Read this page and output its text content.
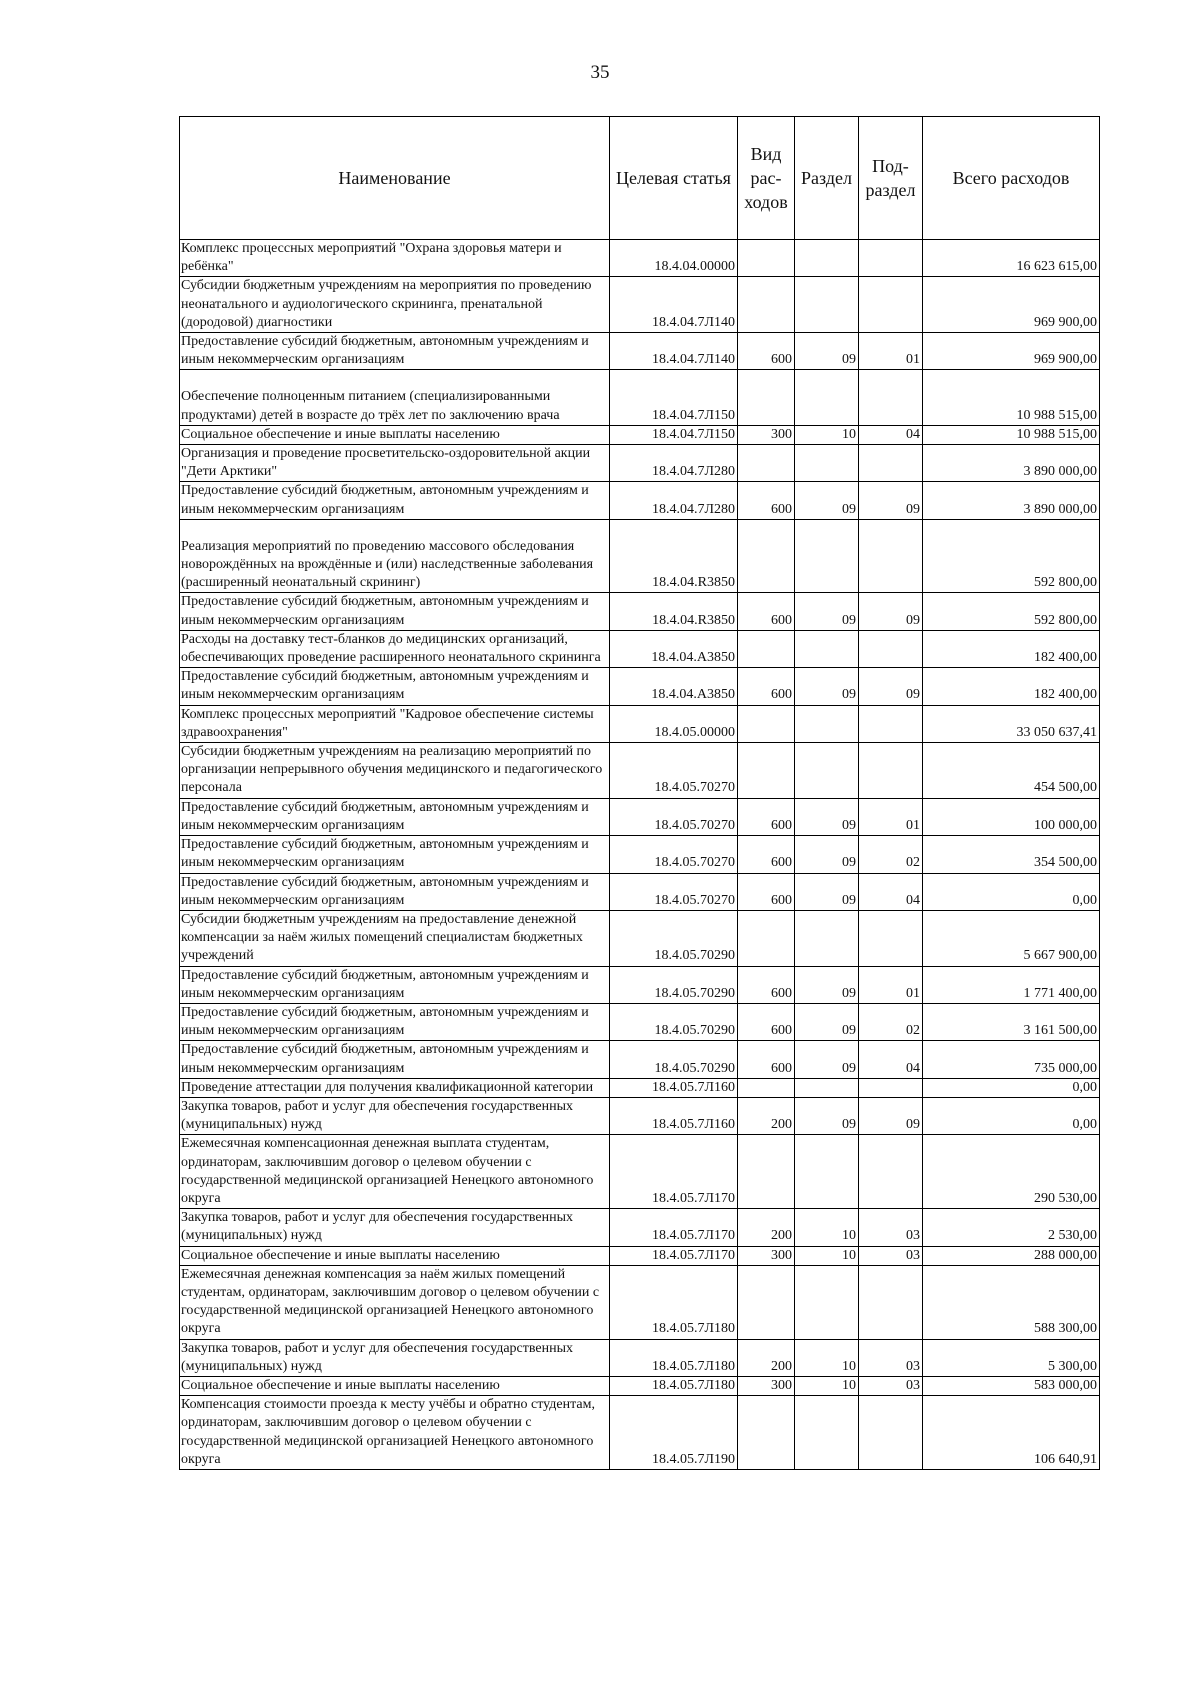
35
Наименование	Целевая статья	Вид рас- ходов	Раздел	Под- раздел	Всего расходов
Комплекс процессных мероприятий "Охрана здоровья матери и ребёнка"	18.4.04.00000				16 623 615,00
Субсидии бюджетным учреждениям на мероприятия по проведению неонатального и аудиологического скрининга, пренатальной (дородовой) диагностики	18.4.04.7Л140				969 900,00
Предоставление субсидий бюджетным, автономным учреждениям и иным некоммерческим организациям	18.4.04.7Л140	600	09	01	969 900,00
Обеспечение полноценным питанием (специализированными продуктами) детей в возрасте до трёх лет по заключению врача	18.4.04.7Л150				10 988 515,00
Социальное обеспечение и иные выплаты населению	18.4.04.7Л150	300	10	04	10 988 515,00
Организация и проведение просветительско-оздоровительной акции "Дети Арктики"	18.4.04.7Л280				3 890 000,00
Предоставление субсидий бюджетным, автономным учреждениям и иным некоммерческим организациям	18.4.04.7Л280	600	09	09	3 890 000,00
Реализация мероприятий по проведению массового обследования новорождённых на врождённые и (или) наследственные заболевания (расширенный неонатальный скрининг)	18.4.04.R3850				592 800,00
Предоставление субсидий бюджетным, автономным учреждениям и иным некоммерческим организациям	18.4.04.R3850	600	09	09	592 800,00
Расходы на доставку тест-бланков до медицинских организаций, обеспечивающих проведение расширенного неонатального скрининга	18.4.04.А3850				182 400,00
Предоставление субсидий бюджетным, автономным учреждениям и иным некоммерческим организациям	18.4.04.А3850	600	09	09	182 400,00
Комплекс процессных мероприятий "Кадровое обеспечение системы здравоохранения"	18.4.05.00000				33 050 637,41
Субсидии бюджетным учреждениям на реализацию мероприятий по организации непрерывного обучения медицинского и педагогического персонала	18.4.05.70270				454 500,00
Предоставление субсидий бюджетным, автономным учреждениям и иным некоммерческим организациям	18.4.05.70270	600	09	01	100 000,00
Предоставление субсидий бюджетным, автономным учреждениям и иным некоммерческим организациям	18.4.05.70270	600	09	02	354 500,00
Предоставление субсидий бюджетным, автономным учреждениям и иным некоммерческим организациям	18.4.05.70270	600	09	04	0,00
Субсидии бюджетным учреждениям на предоставление денежной компенсации за наём жилых помещений специалистам бюджетных учреждений	18.4.05.70290				5 667 900,00
Предоставление субсидий бюджетным, автономным учреждениям и иным некоммерческим организациям	18.4.05.70290	600	09	01	1 771 400,00
Предоставление субсидий бюджетным, автономным учреждениям и иным некоммерческим организациям	18.4.05.70290	600	09	02	3 161 500,00
Предоставление субсидий бюджетным, автономным учреждениям и иным некоммерческим организациям	18.4.05.70290	600	09	04	735 000,00
Проведение аттестации для получения квалификационной категории	18.4.05.7Л160				0,00
Закупка товаров, работ и услуг для обеспечения государственных (муниципальных) нужд	18.4.05.7Л160	200	09	09	0,00
Ежемесячная компенсационная денежная выплата студентам, ординаторам, заключившим договор о целевом обучении с государственной медицинской организацией Ненецкого автономного округа	18.4.05.7Л170				290 530,00
Закупка товаров, работ и услуг для обеспечения государственных (муниципальных) нужд	18.4.05.7Л170	200	10	03	2 530,00
Социальное обеспечение и иные выплаты населению	18.4.05.7Л170	300	10	03	288 000,00
Ежемесячная денежная компенсация за наём жилых помещений студентам, ординаторам, заключившим договор о целевом обучении с государственной медицинской организацией Ненецкого автономного округа	18.4.05.7Л180				588 300,00
Закупка товаров, работ и услуг для обеспечения государственных (муниципальных) нужд	18.4.05.7Л180	200	10	03	5 300,00
Социальное обеспечение и иные выплаты населению	18.4.05.7Л180	300	10	03	583 000,00
Компенсация стоимости проезда к месту учёбы и обратно студентам, ординаторам, заключившим договор о целевом обучении с государственной медицинской организацией Ненецкого автономного округа	18.4.05.7Л190				106 640,91
